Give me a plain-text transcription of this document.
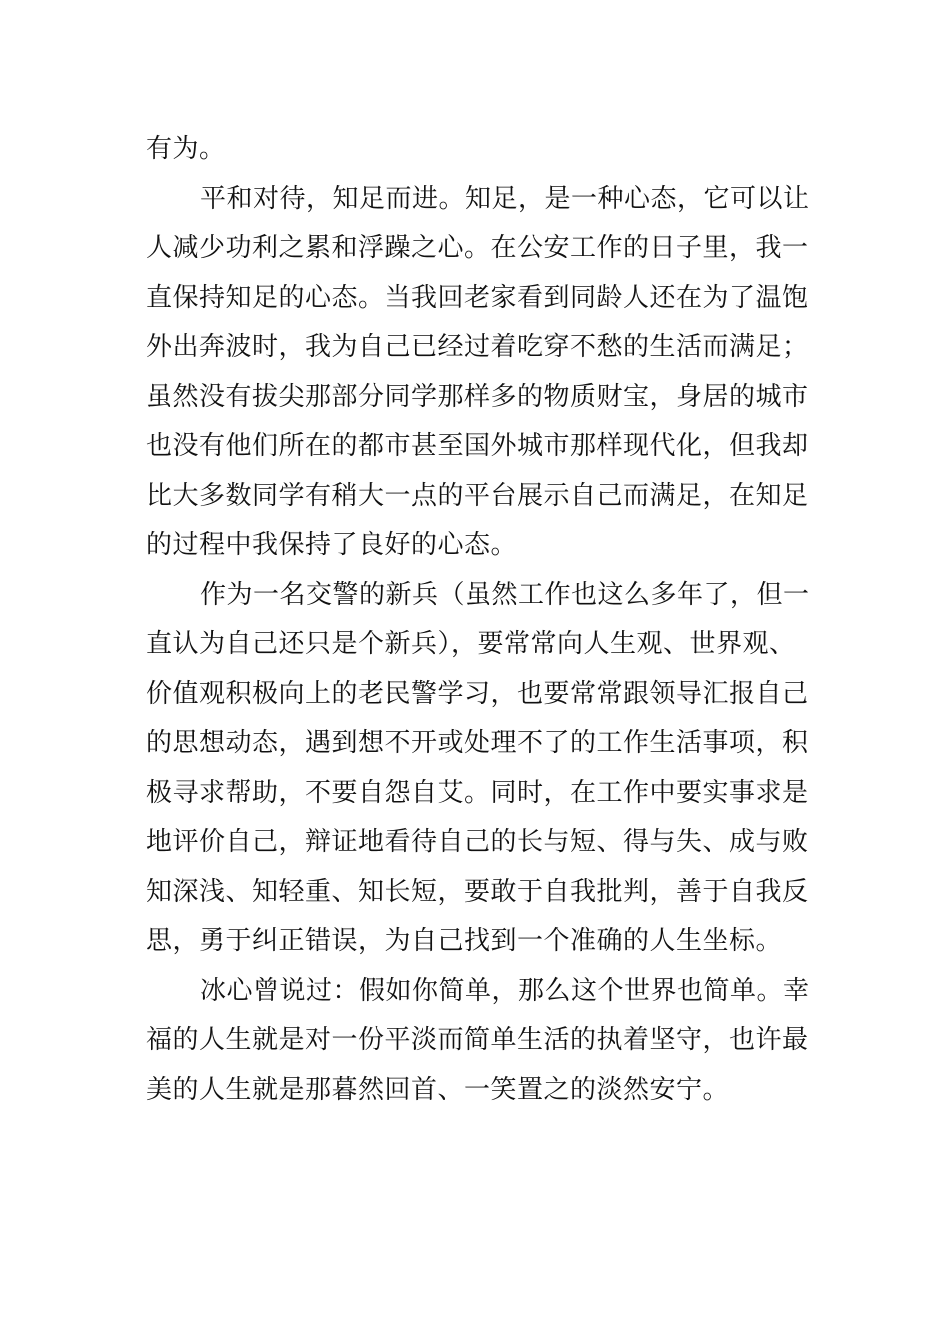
有为。
平和对待，知足而进。知足，是一种心态，它可以让
人减少功利之累和浮躁之心。在公安工作的日子里，我一
直保持知足的心态。当我回老家看到同龄人还在为了温饱
外出奔波时，我为自己已经过着吃穿不愁的生活而满足；
虽然没有拔尖那部分同学那样多的物质财宝，身居的城市
也没有他们所在的都市甚至国外城市那样现代化，但我却
比大多数同学有稍大一点的平台展示自己而满足，在知足
的过程中我保持了良好的心态。
作为一名交警的新兵（虽然工作也这么多年了，但一
直认为自己还只是个新兵），要常常向人生观、世界观、
价值观积极向上的老民警学习，也要常常跟领导汇报自己
的思想动态，遇到想不开或处理不了的工作生活事项，积
极寻求帮助，不要自怨自艾。同时，在工作中要实事求是
地评价自己，辩证地看待自己的长与短、得与失、成与败
知深浅、知轻重、知长短，要敢于自我批判，善于自我反
思，勇于纠正错误，为自己找到一个准确的人生坐标。
冰心曾说过：假如你简单，那么这个世界也简单。幸
福的人生就是对一份平淡而简单生活的执着坚守，也许最
美的人生就是那暮然回首、一笑置之的淡然安宁。
